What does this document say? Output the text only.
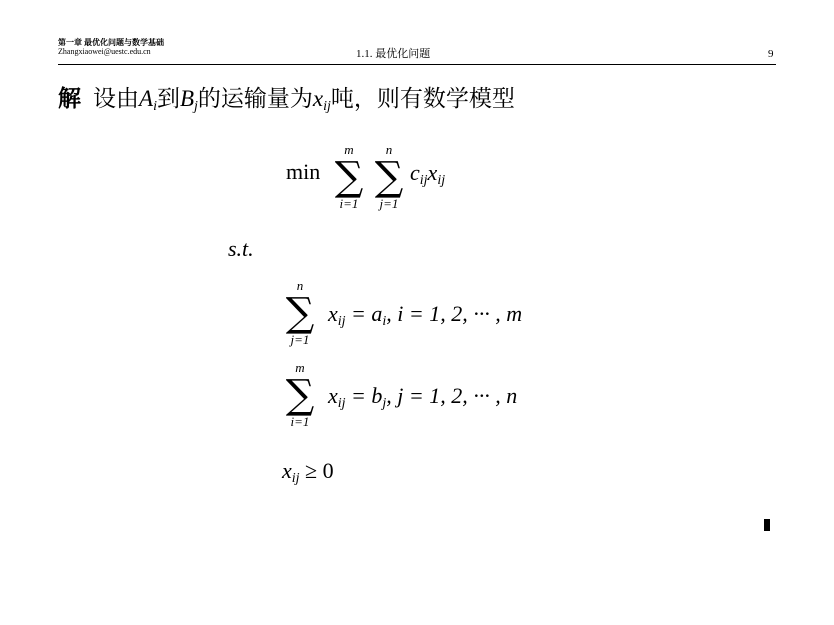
第一章 最优化问题与数学基础
Zhangxiaowei@uestc.edu.cn	1.1. 最优化问题	9
解 设由$A_i$到$B_j$的运输量为$x_{ij}$吨，则有数学模型
min
m
∑
i=1
n
∑
j=1
$c_{ij}x_{ij}$
s.t.
n
∑
j=1
$x_{ij} = a_i$, i = 1, 2, ··· , m
m
∑
i=1
$x_{ij} = b_j$, j = 1, 2, ··· , n
$x_{ij} \ge 0$
